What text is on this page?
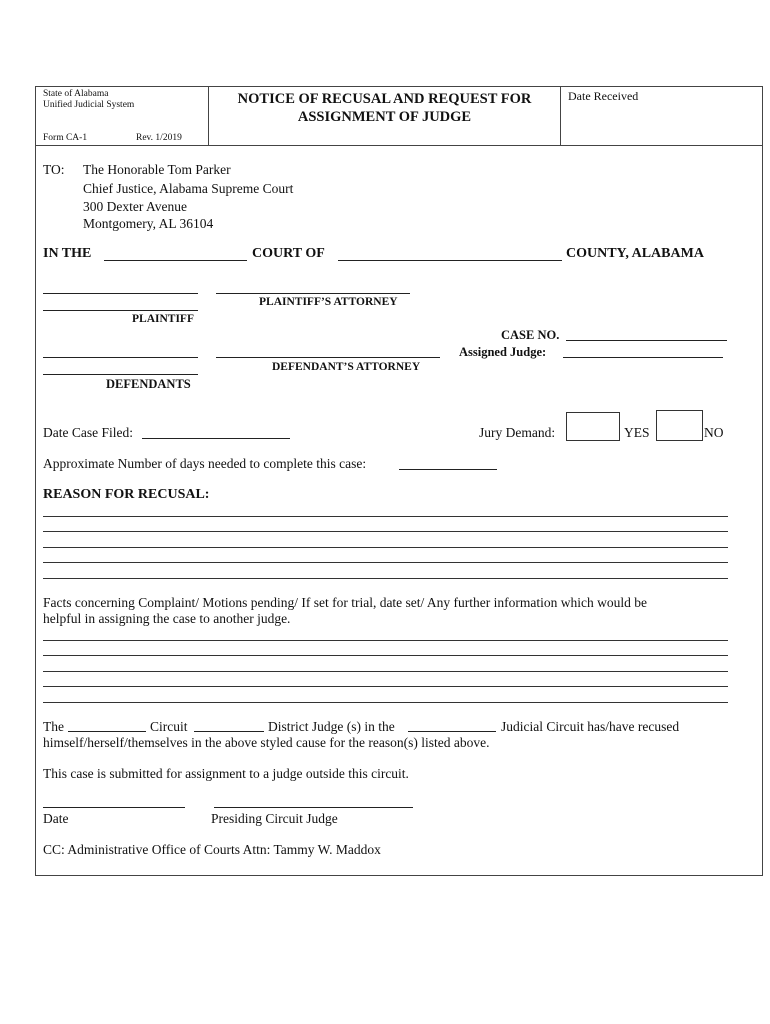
State of Alabama
Unified Judicial System
Form CA-1	Rev. 1/2019
NOTICE OF RECUSAL AND REQUEST FOR
ASSIGNMENT OF JUDGE
Date Received
TO: The Honorable Tom Parker
Chief Justice, Alabama Supreme Court
300 Dexter Avenue
Montgomery, AL 36104
IN THE	COURT OF	COUNTY, ALABAMA
PLAINTIFF’S ATTORNEY
PLAINTIFF
CASE NO.
Assigned Judge:
DEFENDANT’S ATTORNEY
DEFENDANTS
Date Case Filed:	Jury Demand:	YES	NO
Approximate Number of days needed to complete this case:
REASON FOR RECUSAL:
Facts concerning Complaint/ Motions pending/ If set for trial, date set/ Any further information which would be
helpful in assigning the case to another judge.
The	Circuit	District Judge (s) in the	Judicial Circuit has/have recused
himself/herself/themselves in the above styled cause for the reason(s) listed above.
This case is submitted for assignment to a judge outside this circuit.
Date	Presiding Circuit Judge
CC: Administrative Office of Courts Attn: Tammy W. Maddox
